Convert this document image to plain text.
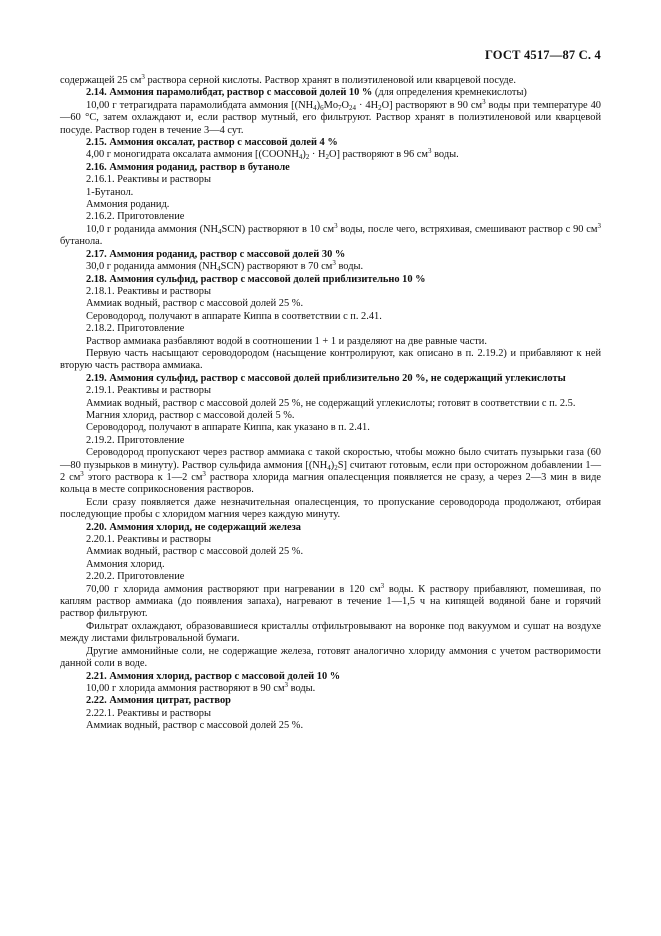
ГОСТ 4517—87 С. 4

содержащей 25 $см^3$ раствора серной кислоты. Раствор хранят в полиэтиленовой или кварцевой посуде.

2.14. Аммония парамолибдат, раствор с массовой долей 10 % (для определения кремнекислоты)

10,00 г тетрагидрата парамолибдата аммония $[(NH_4)_6Mo_7O_{24} \cdot 4H_2O]$ растворяют в 90 $см^3$ воды при температуре 40—60 °С, затем охлаждают и, если раствор мутный, его фильтруют. Раствор хранят в полиэтиленовой или кварцевой посуде. Раствор годен в течение 3—4 сут.

2.15. Аммония оксалат, раствор с массовой долей 4 %

4,00 г моногидрата оксалата аммония $[(COONH_4)_2 \cdot H_2O]$ растворяют в 96 $см^3$ воды.

2.16. Аммония роданид, раствор в бутаноле

2.16.1. Реактивы и растворы

1-Бутанол.

Аммония роданид.

2.16.2. Приготовление

10,0 г роданида аммония $(NH_4SCN)$ растворяют в 10 $см^3$ воды, после чего, встряхивая, смешивают раствор с 90 $см^3$ бутанола.

2.17. Аммония роданид, раствор с массовой долей 30 %

30,0 г роданида аммония $(NH_4SCN)$ растворяют в 70 $см^3$ воды.

2.18. Аммония сульфид, раствор с массовой долей приблизительно 10 %

2.18.1. Реактивы и растворы

Аммиак водный, раствор с массовой долей 25 %.

Сероводород, получают в аппарате Киппа в соответствии с п. 2.41.

2.18.2. Приготовление

Раствор аммиака разбавляют водой в соотношении 1 + 1 и разделяют на две равные части.

Первую часть насыщают сероводородом (насыщение контролируют, как описано в п. 2.19.2) и прибавляют к ней вторую часть раствора аммиака.

2.19. Аммония сульфид, раствор с массовой долей приблизительно 20 %, не содержащий углекислоты

2.19.1. Реактивы и растворы

Аммиак водный, раствор с массовой долей 25 %, не содержащий углекислоты; готовят в соответствии с п. 2.5.

Магния хлорид, раствор с массовой долей 5 %.

Сероводород, получают в аппарате Киппа, как указано в п. 2.41.

2.19.2. Приготовление

Сероводород пропускают через раствор аммиака с такой скоростью, чтобы можно было считать пузырьки газа (60—80 пузырьков в минуту). Раствор сульфида аммония $[(NH_4)_2S]$ считают готовым, если при осторожном добавлении 1—2 $см^3$ этого раствора к 1—2 $см^3$ раствора хлорида магния опалесценция появляется не сразу, а через 2—3 мин в виде кольца в месте соприкосновения растворов.

Если сразу появляется даже незначительная опалесценция, то пропускание сероводорода продолжают, отбирая последующие пробы с хлоридом магния через каждую минуту.

2.20. Аммония хлорид, не содержащий железа

2.20.1. Реактивы и растворы

Аммиак водный, раствор с массовой долей 25 %.

Аммония хлорид.

2.20.2. Приготовление

70,00 г хлорида аммония растворяют при нагревании в 120 $см^3$ воды. К раствору прибавляют, помешивая, по каплям раствор аммиака (до появления запаха), нагревают в течение 1—1,5 ч на кипящей водяной бане и горячий раствор фильтруют.

Фильтрат охлаждают, образовавшиеся кристаллы отфильтровывают на воронке под вакуумом и сушат на воздухе между листами фильтровальной бумаги.

Другие аммонийные соли, не содержащие железа, готовят аналогично хлориду аммония с учетом растворимости данной соли в воде.

2.21. Аммония хлорид, раствор с массовой долей 10 %

10,00 г хлорида аммония растворяют в 90 $см^3$ воды.

2.22. Аммония цитрат, раствор

2.22.1. Реактивы и растворы

Аммиак водный, раствор с массовой долей 25 %.
